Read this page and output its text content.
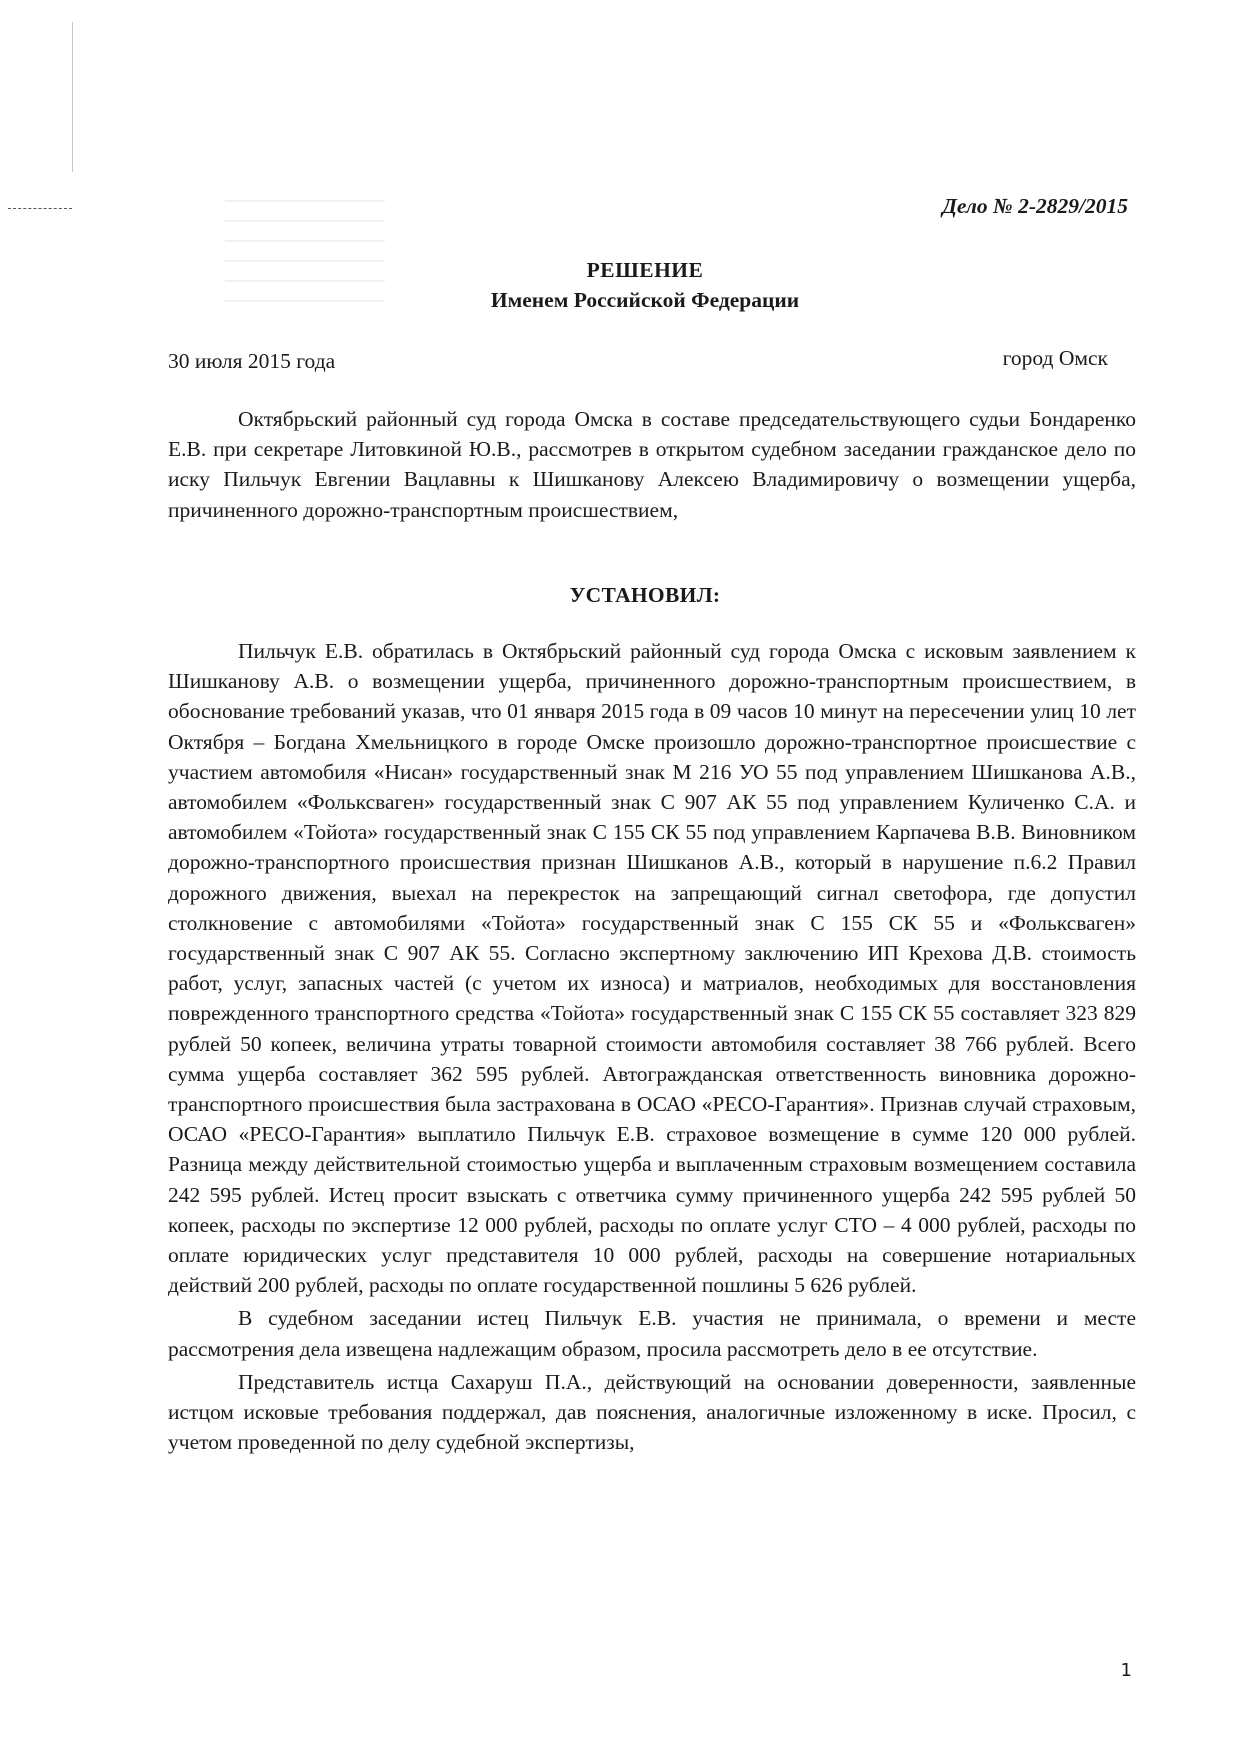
Дело № 2-2829/2015
РЕШЕНИЕ
Именем Российской Федерации
30 июля 2015 года	город Омск

Октябрьский районный суд города Омска в составе председательствующего судьи Бондаренко Е.В. при секретаре Литовкиной Ю.В., рассмотрев в открытом судебном заседании гражданское дело по иску Пильчук Евгении Вацлавны к Шишканову Алексею Владимировичу о возмещении ущерба, причиненного дорожно-транспортным происшествием,

УСТАНОВИЛ:

Пильчук Е.В. обратилась в Октябрьский районный суд города Омска с исковым заявлением к Шишканову А.В. о возмещении ущерба, причиненного дорожно-транспортным происшествием, в обоснование требований указав, что 01 января 2015 года в 09 часов 10 минут на пересечении улиц 10 лет Октября – Богдана Хмельницкого в городе Омске произошло дорожно-транспортное происшествие с участием автомобиля «Нисан» государственный знак М 216 УО 55 под управлением Шишканова А.В., автомобилем «Фольксваген» государственный знак С 907 АК 55 под управлением Куличенко С.А. и автомобилем «Тойота» государственный знак С 155 СК 55 под управлением Карпачева В.В. Виновником дорожно-транспортного происшествия признан Шишканов А.В., который в нарушение п.6.2 Правил дорожного движения, выехал на перекресток на запрещающий сигнал светофора, где допустил столкновение с автомобилями «Тойота» государственный знак С 155 СК 55 и «Фольксваген» государственный знак С 907 АК 55. Согласно экспертному заключению ИП Крехова Д.В. стоимость работ, услуг, запасных частей (с учетом их износа) и матриалов, необходимых для восстановления поврежденного транспортного средства «Тойота» государственный знак С 155 СК 55 составляет 323 829 рублей 50 копеек, величина утраты товарной стоимости автомобиля составляет 38 766 рублей. Всего сумма ущерба составляет 362 595 рублей. Автогражданская ответственность виновника дорожно-транспортного происшествия была застрахована в ОСАО «РЕСО-Гарантия». Признав случай страховым, ОСАО «РЕСО-Гарантия» выплатило Пильчук Е.В. страховое возмещение в сумме 120 000 рублей. Разница между действительной стоимостью ущерба и выплаченным страховым возмещением составила 242 595 рублей. Истец просит взыскать с ответчика сумму причиненного ущерба 242 595 рублей 50 копеек, расходы по экспертизе 12 000 рублей, расходы по оплате услуг СТО – 4 000 рублей, расходы по оплате юридических услуг представителя 10 000 рублей, расходы на совершение нотариальных действий 200 рублей, расходы по оплате государственной пошлины 5 626 рублей.

В судебном заседании истец Пильчук Е.В. участия не принимала, о времени и месте рассмотрения дела извещена надлежащим образом, просила рассмотреть дело в ее отсутствие.

Представитель истца Сахаруш П.А., действующий на основании доверенности, заявленные истцом исковые требования поддержал, дав пояснения, аналогичные изложенному в иске. Просил, с учетом проведенной по делу судебной экспертизы,

1
